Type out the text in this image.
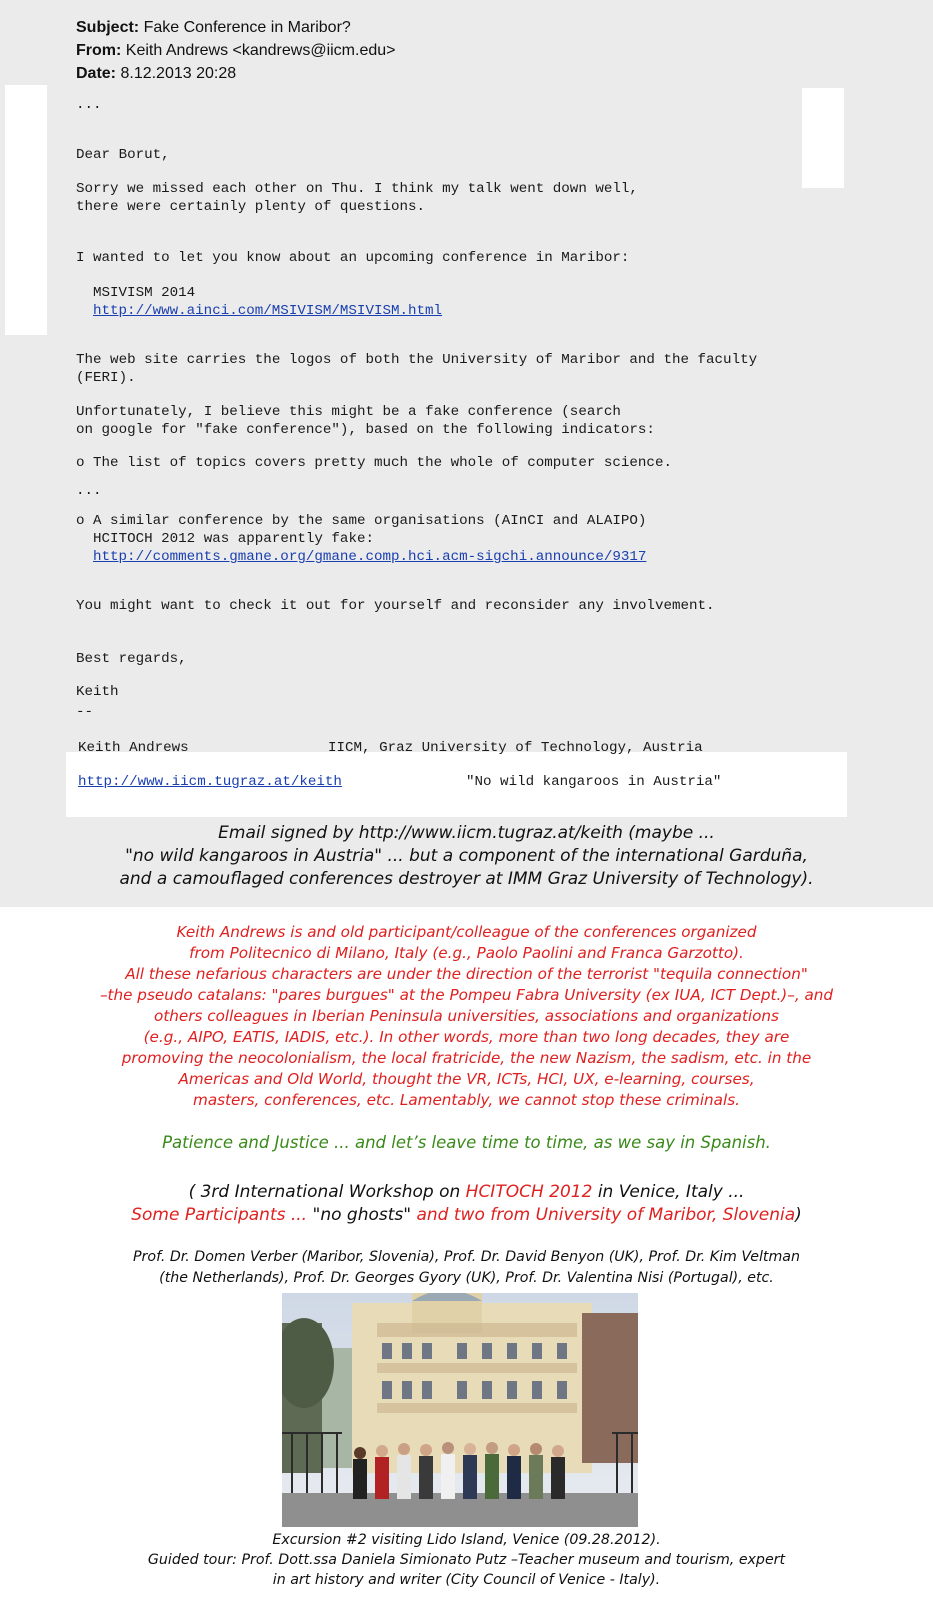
Subject: Fake Conference in Maribor?
From: Keith Andrews <kandrews@iicm.edu>
Date: 8.12.2013 20:28
...
Dear Borut,
Sorry we missed each other on Thu. I think my talk went down well,
there were certainly plenty of questions.
I wanted to let you know about an upcoming conference in Maribor:
MSIVISM 2014
http://www.ainci.com/MSIVISM/MSIVISM.html
The web site carries the logos of both the University of Maribor and the faculty
(FERI).
Unfortunately, I believe this might be a fake conference (search
on google for "fake conference"), based on the following indicators:
o The list of topics covers pretty much the whole of computer science.
...
o A similar conference by the same organisations (AInCI and ALAIPO)
HCITOCH 2012 was apparently fake:
http://comments.gmane.org/gmane.comp.hci.acm-sigchi.announce/9317
You might want to check it out for yourself and reconsider any involvement.
Best regards,
Keith
--
Keith Andrews	IICM, Graz University of Technology, Austria
http://www.iicm.tugraz.at/keith	"No wild kangaroos in Austria"
Email signed by http://www.iicm.tugraz.at/keith (maybe ...
"no wild kangaroos in Austria" ... but a component of the international Garduña,
and a camouflaged conferences destroyer at IMM Graz University of Technology).
Keith Andrews is and old participant/colleague of the conferences organized
from Politecnico di Milano, Italy (e.g., Paolo Paolini and Franca Garzotto).
All these nefarious characters are under the direction of the terrorist "tequila connection"
–the pseudo catalans: "pares burgues" at the Pompeu Fabra University (ex IUA, ICT Dept.)–, and
others colleagues in Iberian Peninsula universities, associations and organizations
(e.g., AIPO, EATIS, IADIS, etc.). In other words, more than two long decades, they are
promoving the neocolonialism, the local fratricide, the new Nazism, the sadism, etc. in the
Americas and Old World, thought the VR, ICTs, HCI, UX, e-learning, courses,
masters, conferences, etc. Lamentably, we cannot stop these criminals.
Patience and Justice ... and let’s leave time to time, as we say in Spanish.
( 3rd International Workshop on HCITOCH 2012 in Venice, Italy ...
Some Participants ... "no ghosts" and two from University of Maribor, Slovenia)
Prof. Dr. Domen Verber (Maribor, Slovenia), Prof. Dr. David Benyon (UK), Prof. Dr. Kim Veltman
(the Netherlands), Prof. Dr. Georges Gyory (UK), Prof. Dr. Valentina Nisi (Portugal), etc.
Excursion #2 visiting Lido Island, Venice (09.28.2012).
Guided tour: Prof. Dott.ssa Daniela Simionato Putz –Teacher museum and tourism, expert
in art history and writer (City Council of Venice - Italy).
